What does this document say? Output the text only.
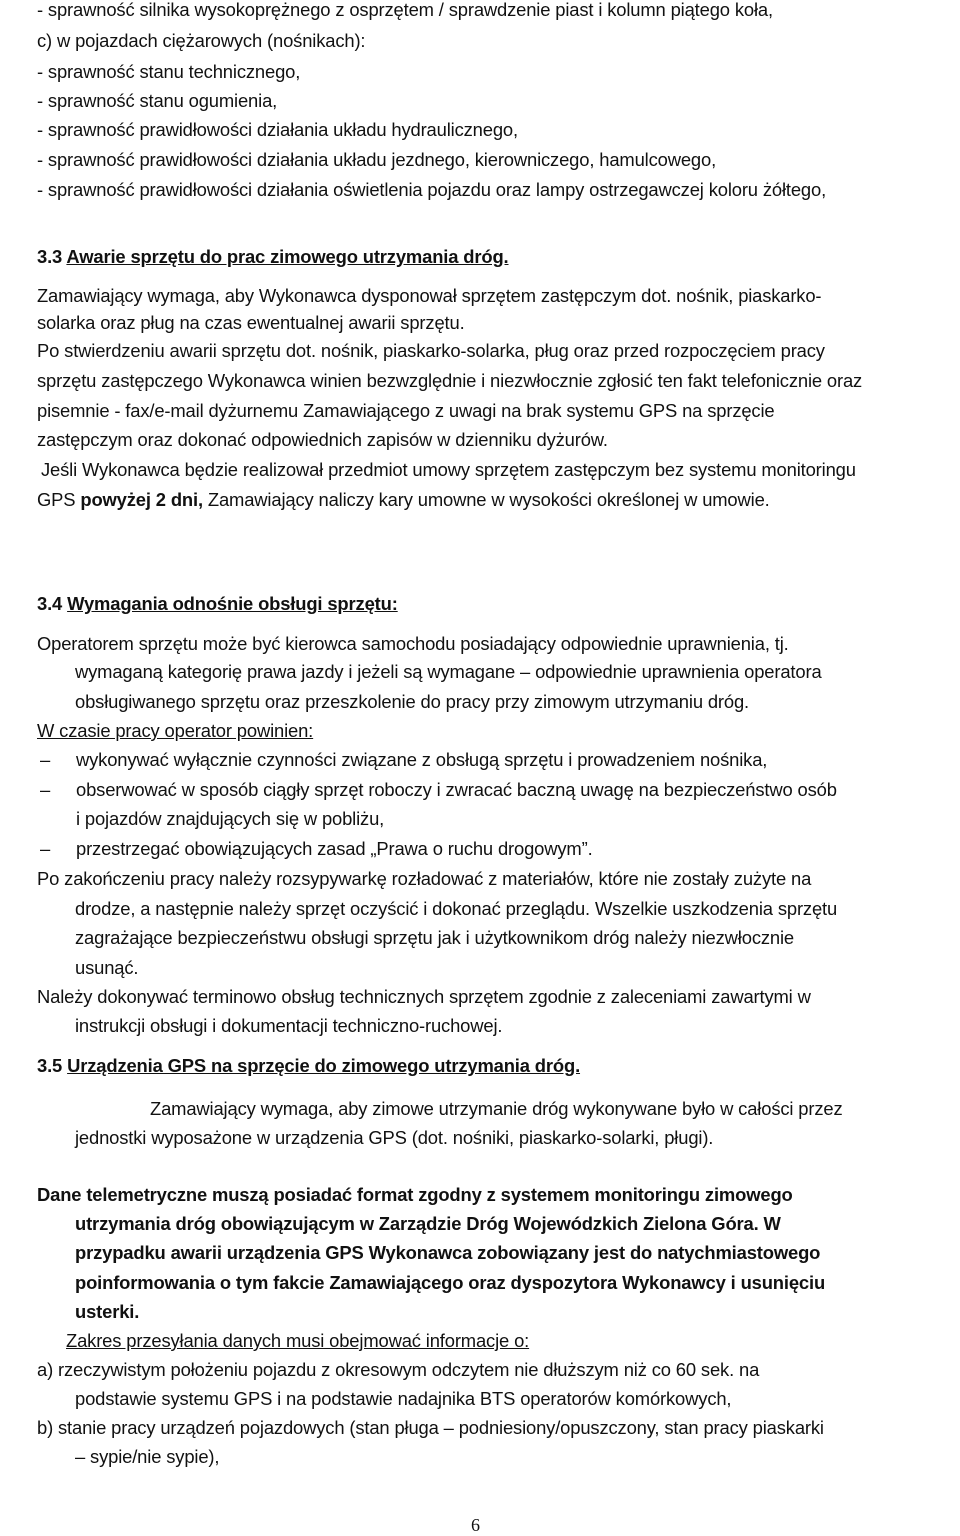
- sprawność silnika wysokoprężnego z osprzętem / sprawdzenie piast i kolumn piątego koła,
c) w pojazdach ciężarowych (nośnikach):
- sprawność stanu technicznego,
- sprawność stanu ogumienia,
- sprawność prawidłowości działania układu hydraulicznego,
- sprawność prawidłowości działania układu jezdnego, kierowniczego, hamulcowego,
- sprawność prawidłowości działania oświetlenia pojazdu oraz lampy ostrzegawczej koloru żółtego,
3.3 Awarie sprzętu do prac zimowego utrzymania dróg.
Zamawiający wymaga, aby Wykonawca dysponował sprzętem zastępczym dot. nośnik, piaskarko-
solarka oraz pług na czas ewentualnej awarii sprzętu.
Po stwierdzeniu awarii sprzętu dot. nośnik, piaskarko-solarka, pług oraz przed rozpoczęciem pracy
sprzętu zastępczego Wykonawca winien bezwzględnie i niezwłocznie zgłosić ten fakt telefonicznie oraz
pisemnie - fax/e-mail dyżurnemu Zamawiającego z uwagi na brak systemu GPS na sprzęcie
zastępczym oraz dokonać odpowiednich zapisów w dzienniku dyżurów.
Jeśli Wykonawca będzie realizował przedmiot umowy sprzętem zastępczym bez systemu monitoringu
GPS powyżej 2 dni, Zamawiający naliczy kary umowne w wysokości określonej w umowie.
3.4 Wymagania odnośnie obsługi sprzętu:
Operatorem sprzętu może być kierowca samochodu posiadający odpowiednie uprawnienia, tj.
wymaganą kategorię prawa jazdy i jeżeli są wymagane – odpowiednie uprawnienia operatora
obsługiwanego sprzętu oraz przeszkolenie do pracy przy zimowym utrzymaniu dróg.
W czasie pracy operator powinien:
– wykonywać wyłącznie czynności związane z obsługą sprzętu i prowadzeniem nośnika,
– obserwować w sposób ciągły sprzęt roboczy i zwracać baczną uwagę na bezpieczeństwo osób
i pojazdów znajdujących się w pobliżu,
– przestrzegać obowiązujących zasad „Prawa o ruchu drogowym”.
Po zakończeniu pracy należy rozsypywarkę rozładować z materiałów, które nie zostały zużyte na
drodze, a następnie należy sprzęt oczyścić i dokonać przeglądu. Wszelkie uszkodzenia sprzętu
zagrażające bezpieczeństwu obsługi sprzętu jak i użytkownikom dróg należy niezwłocznie
usunąć.
Należy dokonywać terminowo obsług technicznych sprzętem zgodnie z zaleceniami zawartymi w
instrukcji obsługi i dokumentacji techniczno-ruchowej.
3.5 Urządzenia GPS na sprzęcie do zimowego utrzymania dróg.
Zamawiający wymaga, aby zimowe utrzymanie dróg wykonywane było w całości przez
jednostki wyposażone w urządzenia GPS (dot. nośniki, piaskarko-solarki, pługi).
Dane telemetryczne muszą posiadać format zgodny z systemem monitoringu zimowego
utrzymania dróg obowiązującym w Zarządzie Dróg Wojewódzkich Zielona Góra. W
przypadku awarii urządzenia GPS Wykonawca zobowiązany jest do natychmiastowego
poinformowania o tym fakcie Zamawiającego oraz dyspozytora Wykonawcy i usunięciu
usterki.
Zakres przesyłania danych musi obejmować informacje o:
a) rzeczywistym położeniu pojazdu z okresowym odczytem nie dłuższym niż co 60 sek. na
podstawie systemu GPS i na podstawie nadajnika BTS operatorów komórkowych,
b) stanie pracy urządzeń pojazdowych (stan pługa – podniesiony/opuszczony, stan pracy piaskarki
– sypie/nie sypie),
6
